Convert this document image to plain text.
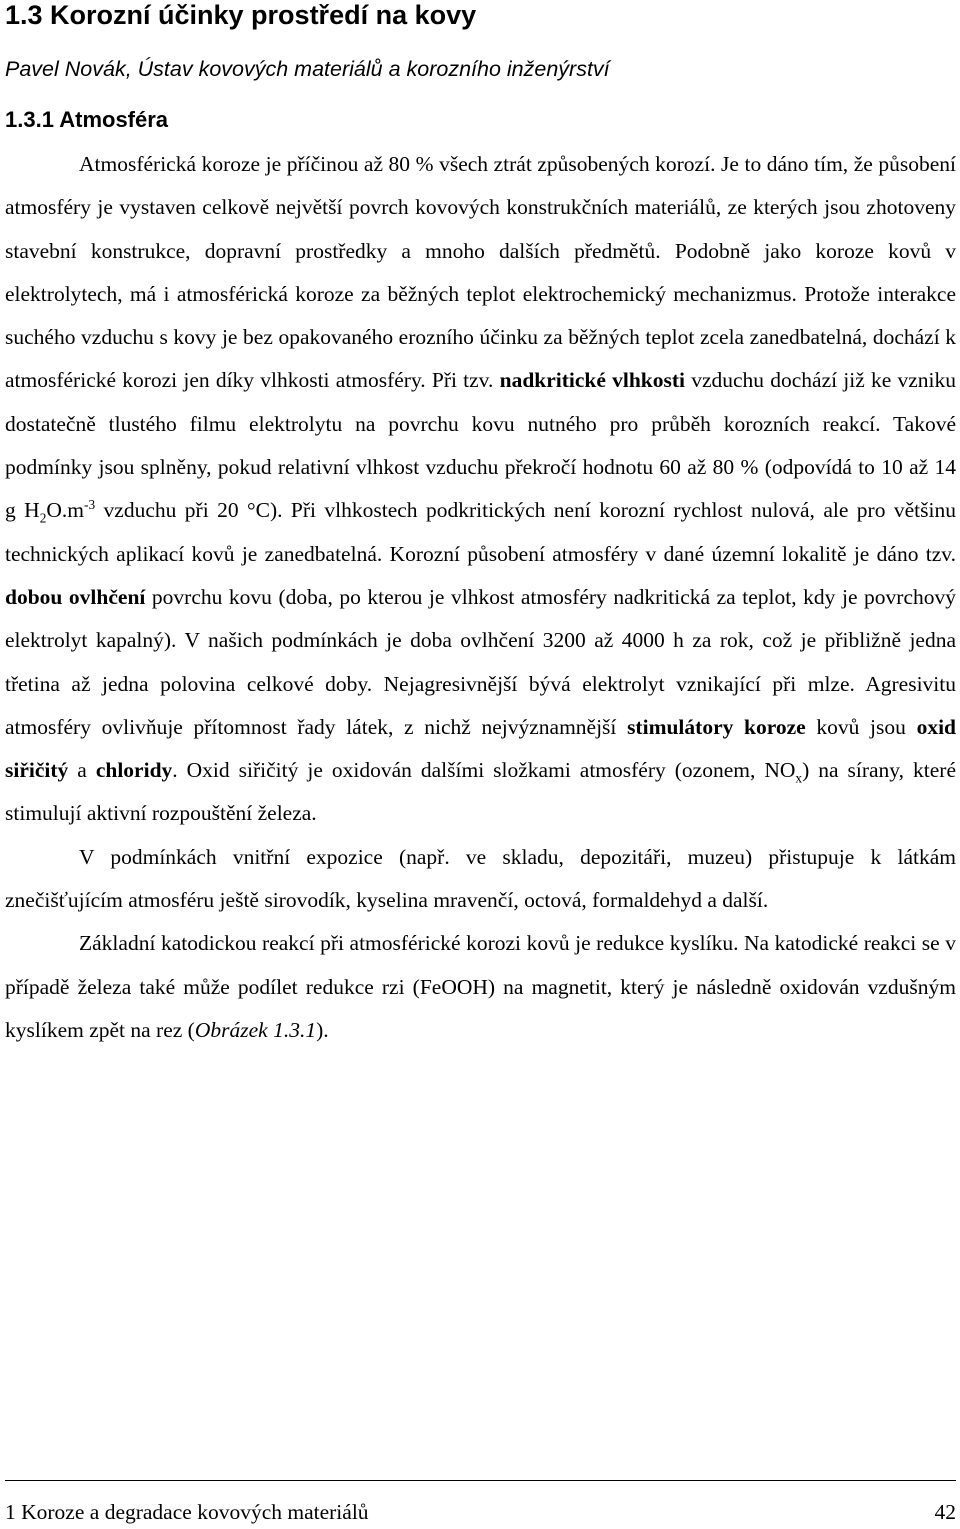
1.3 Korozní účinky prostředí na kovy

Pavel Novák, Ústav kovových materiálů a korozního inženýrství

1.3.1 Atmosféra

Atmosférická koroze je příčinou až 80 % všech ztrát způsobených korozí. Je to dáno tím, že působení atmosféry je vystaven celkově největší povrch kovových konstrukčních materiálů, ze kterých jsou zhotoveny stavební konstrukce, dopravní prostředky a mnoho dalších předmětů. Podobně jako koroze kovů v elektrolytech, má i atmosférická koroze za běžných teplot elektrochemický mechanizmus. Protože interakce suchého vzduchu s kovy je bez opakovaného erozního účinku za běžných teplot zcela zanedbatelná, dochází k atmosférické korozi jen díky vlhkosti atmosféry. Při tzv. nadkritické vlhkosti vzduchu dochází již ke vzniku dostatečně tlustého filmu elektrolytu na povrchu kovu nutného pro průběh korozních reakcí. Takové podmínky jsou splněny, pokud relativní vlhkost vzduchu překročí hodnotu 60 až 80 % (odpovídá to 10 až 14 g $H_2O.m^{-3}$ vzduchu při 20 °C). Při vlhkostech podkritických není korozní rychlost nulová, ale pro většinu technických aplikací kovů je zanedbatelná. Korozní působení atmosféry v dané územní lokalitě je dáno tzv. dobou ovlhčení povrchu kovu (doba, po kterou je vlhkost atmosféry nadkritická za teplot, kdy je povrchový elektrolyt kapalný). V našich podmínkách je doba ovlhčení 3200 až 4000 h za rok, což je přibližně jedna třetina až jedna polovina celkové doby. Nejagresivnější bývá elektrolyt vznikající při mlze. Agresivitu atmosféry ovlivňuje přítomnost řady látek, z nichž nejvýznamnější stimulátory koroze kovů jsou oxid siřičitý a chloridy. Oxid siřičitý je oxidován dalšími složkami atmosféry (ozonem, $NO_x$) na sírany, které stimulují aktivní rozpouštění železa.

V podmínkách vnitřní expozice (např. ve skladu, depozitáři, muzeu) přistupuje k látkám znečišťujícím atmosféru ještě sirovodík, kyselina mravenčí, octová, formaldehyd a další.

Základní katodickou reakcí při atmosférické korozi kovů je redukce kyslíku. Na katodické reakci se v případě železa také může podílet redukce rzi (FeOOH) na magnetit, který je následně oxidován vzdušným kyslíkem zpět na rez (Obrázek 1.3.1).

1 Koroze a degradace kovových materiálů	42
